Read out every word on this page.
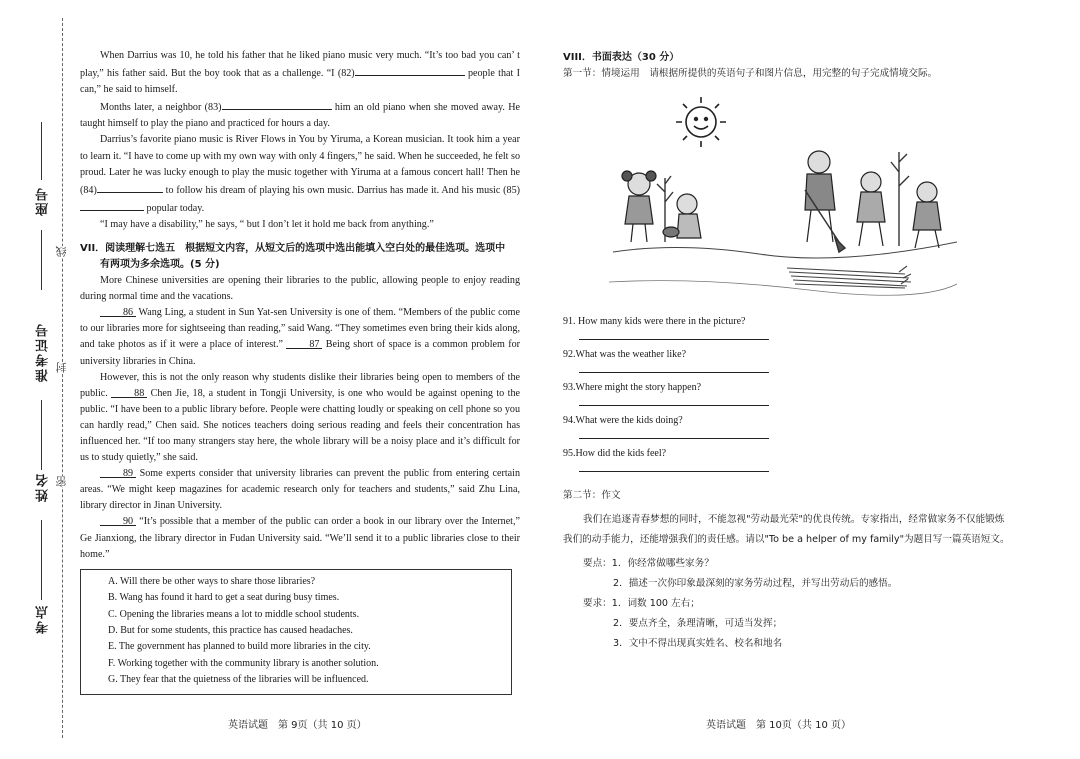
座号
准考证号
姓名
考点
线
封
密

When Darrius was 10, he told his father that he liked piano music very much. “It’s too bad you can’ t play,” his father said. But the boy took that as a challenge. “I (82)	people that I can,” he said to himself.

Months later, a neighbor (83)	him an old piano when she moved away. He taught himself to play the piano and practiced for hours a day.

Darrius’s favorite piano music is River Flows in You by Yiruma, a Korean musician. It took him a year to learn it. “I have to come up with my own way with only 4 fingers,” he said. When he succeeded, he felt so proud. Later he was lucky enough to play the music together with Yiruma at a famous concert hall! Then he (84)	to follow his dream of playing his own music. Darrius has made it. And his music (85) popular today.

“I may have a disability,” he says, “ but I don’t let it hold me back from anything.”

VII．阅读理解七选五　根据短文内容，从短文后的选项中选出能填入空白处的最佳选项。选项中
有两项为多余选项。(5 分)

More Chinese universities are opening their libraries to the public, allowing people to enjoy reading during normal time and the vacations.

86 Wang Ling, a student in Sun Yat-sen University is one of them. “Members of the public come to our libraries more for sightseeing than reading,” said Wang. “They sometimes even bring their kids along, and take photos as if it were a place of interest.” 87 Being short of space is a common problem for university libraries in China.

However, this is not the only reason why students dislike their libraries being open to members of the public. 88 Chen Jie, 18, a student in Tongji University, is one who would be against opening to the public. “I have been to a public library before. People were chatting loudly or speaking on cell phone so you can hardly read,” Chen said. She notices teachers doing serious reading and feels their concentration has influenced her. “If too many strangers stay here, the whole library will be a noisy place and it’s difficult for us to study quietly,” she said.

89 Some experts consider that university libraries can prevent the public from entering certain areas. “We might keep magazines for academic research only for teachers and students,” said Zhu Lina, library director in Jinan University.

90 “It’s possible that a member of the public can order a book in our library over the Internet,” Ge Jianxiong, the library director in Fudan University said. “We’ll send it to a public libraries close to their home.”

A. Will there be other ways to share those libraries?
B. Wang has found it hard to get a seat during busy times.
C. Opening the libraries means a lot to middle school students.
D. But for some students, this practice has caused headaches.
E. The government has planned to build more libraries in the city.
F. Working together with the community library is another solution.
G. They fear that the quietness of the libraries will be influenced.
英语试题　第 9页（共 10 页）
VIII．书面表达（30 分）
第一节：情境运用　请根据所提供的英语句子和图片信息，用完整的句子完成情境交际。
91. How many kids were there in the picture?
92.What was the weather like?
93.Where might the story happen?
94.What were the kids doing?
95.How did the kids feel?
第二节：作文
我们在追逐青春梦想的同时，不能忽视"劳动最光荣"的优良传统。专家指出，经常做家务不仅能锻炼我们的动手能力，还能增强我们的责任感。请以"To be a helper of my family"为题目写一篇英语短文。
要点：1．你经常做哪些家务？
2．描述一次你印象最深刻的家务劳动过程，并写出劳动后的感悟。
要求：1．词数 100 左右；
2．要点齐全，条理清晰，可适当发挥；
3．文中不得出现真实姓名、校名和地名
英语试题　第 10页（共 10 页）
